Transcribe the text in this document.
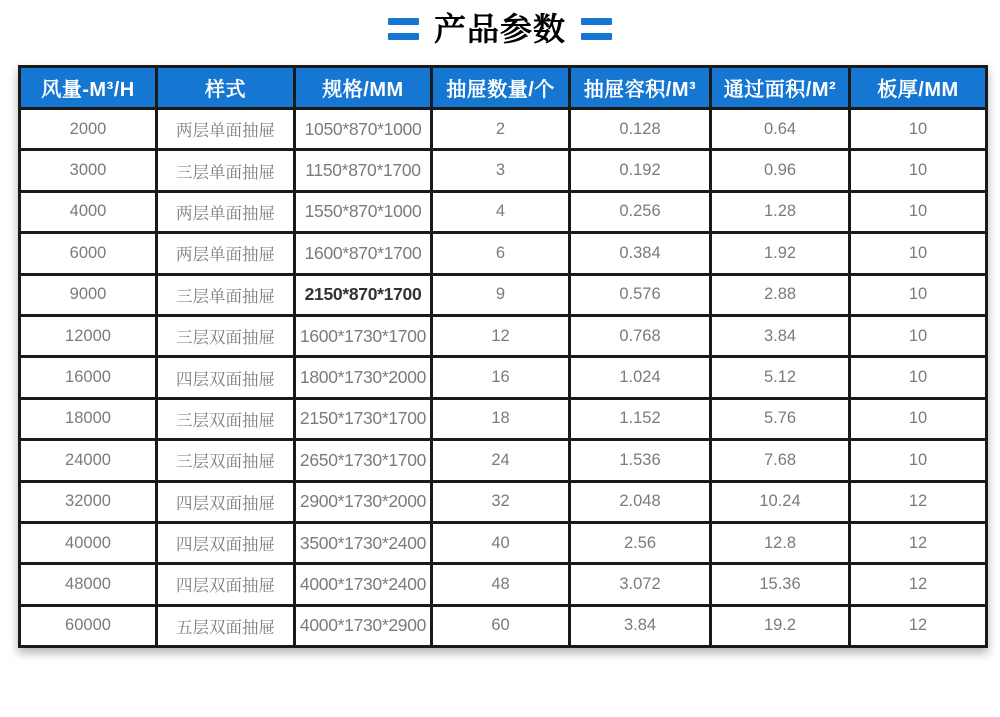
产品参数
风量-M³/H	样式	规格/MM	抽屉数量/个	抽屉容积/M³	通过面积/M²	板厚/MM
2000	两层单面抽屉	1050*870*1000	2	0.128	0.64	10
3000	三层单面抽屉	1150*870*1700	3	0.192	0.96	10
4000	两层单面抽屉	1550*870*1000	4	0.256	1.28	10
6000	两层单面抽屉	1600*870*1700	6	0.384	1.92	10
9000	三层单面抽屉	2150*870*1700	9	0.576	2.88	10
12000	三层双面抽屉	1600*1730*1700	12	0.768	3.84	10
16000	四层双面抽屉	1800*1730*2000	16	1.024	5.12	10
18000	三层双面抽屉	2150*1730*1700	18	1.152	5.76	10
24000	三层双面抽屉	2650*1730*1700	24	1.536	7.68	10
32000	四层双面抽屉	2900*1730*2000	32	2.048	10.24	12
40000	四层双面抽屉	3500*1730*2400	40	2.56	12.8	12
48000	四层双面抽屉	4000*1730*2400	48	3.072	15.36	12
60000	五层双面抽屉	4000*1730*2900	60	3.84	19.2	12
